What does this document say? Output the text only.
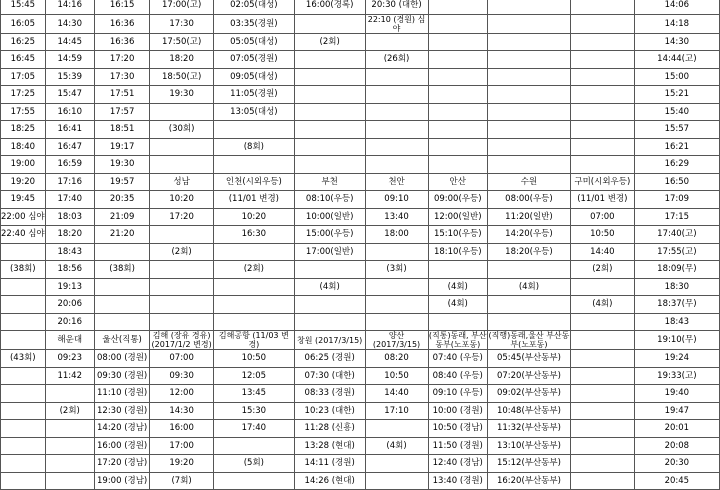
15:45	14:16	16:15	17:00(고)	02:05(대성)	16:00(경록)	20:30 (대한)				14:06
16:05	14:30	16:36	17:30	03:35(경원)		22:10 (경원) 심야				14:18
16:25	14:45	16:36	17:50(고)	05:05(대성)	(2회)					14:30
16:45	14:59	17:20	18:20	07:05(경원)		(26회)				14:44(고)
17:05	15:39	17:30	18:50(고)	09:05(대성)						15:00
17:25	15:47	17:51	19:30	11:05(경원)						15:21
17:55	16:10	17:57		13:05(대성)						15:40
18:25	16:41	18:51	(30회)							15:57
18:40	16:47	19:17		(8회)						16:21
19:00	16:59	19:30								16:29
19:20	17:16	19:57	성남	인천(시외우등)	부천	천안	안산	수원	구미(시외우등)	16:50
19:45	17:40	20:35	10:20	(11/01 변경)	08:10(우등)	09:10	09:00(우등)	08:00(우등)	(11/01 변경)	17:09
22:00 심야	18:03	21:09	17:20	10:20	10:00(일반)	13:40	12:00(일반)	11:20(일반)	07:00	17:15
22:40 심야	18:20	21:20		16:30	15:00(우등)	18:00	15:10(우등)	14:20(우등)	10:50	17:40(고)
	18:43		(2회)		17:00(일반)		18:10(우등)	18:20(우등)	14:40	17:55(고)
(38회)	18:56	(38회)		(2회)		(3회)			(2회)	18:09(무)
	19:13				(4회)		(4회)	(4회)		18:30
	20:06						(4회)		(4회)	18:37(무)
	20:16									18:43
	해운대	울산(직통)	김해 (장유 경유) (2017/1/2 변경)	김해공항 (11/03 변경)	창원 (2017/3/15)	양산 (2017/3/15)	(직통)동래, 부산동부(노포동)	(직행)동래,울산 부산동부(노포동)		19:10(무)
(43회)	09:23	08:00 (경원)	07:00	10:50	06:25 (경원)	08:20	07:40 (우등)	05:45(부산동부)		19:24
	11:42	09:30 (경원)	09:30	12:05	07:30 (대한)	10:50	08:40 (우등)	07:20(부산동부)		19:33(고)
		11:10 (경원)	12:00	13:45	08:33 (경원)	14:40	09:10 (우등)	09:02(부산동부)		19:40
	(2회)	12:30 (경원)	14:30	15:30	10:23 (대한)	17:10	10:00 (경원)	10:48(부산동부)		19:47
		14:20 (경남)	16:00	17:40	11:28 (신흥)		10:50 (경남)	11:32(부산동부)		20:01
		16:00 (경원)	17:00		13:28 (현대)	(4회)	11:50 (경원)	13:10(부산동부)		20:08
		17:20 (경남)	19:20	(5회)	14:11 (경원)		12:40 (경남)	15:12(부산동부)		20:30
		19:00 (경남)	(7회)		14:26 (현대)		13:40 (경원)	16:20(부산동부)		20:45
